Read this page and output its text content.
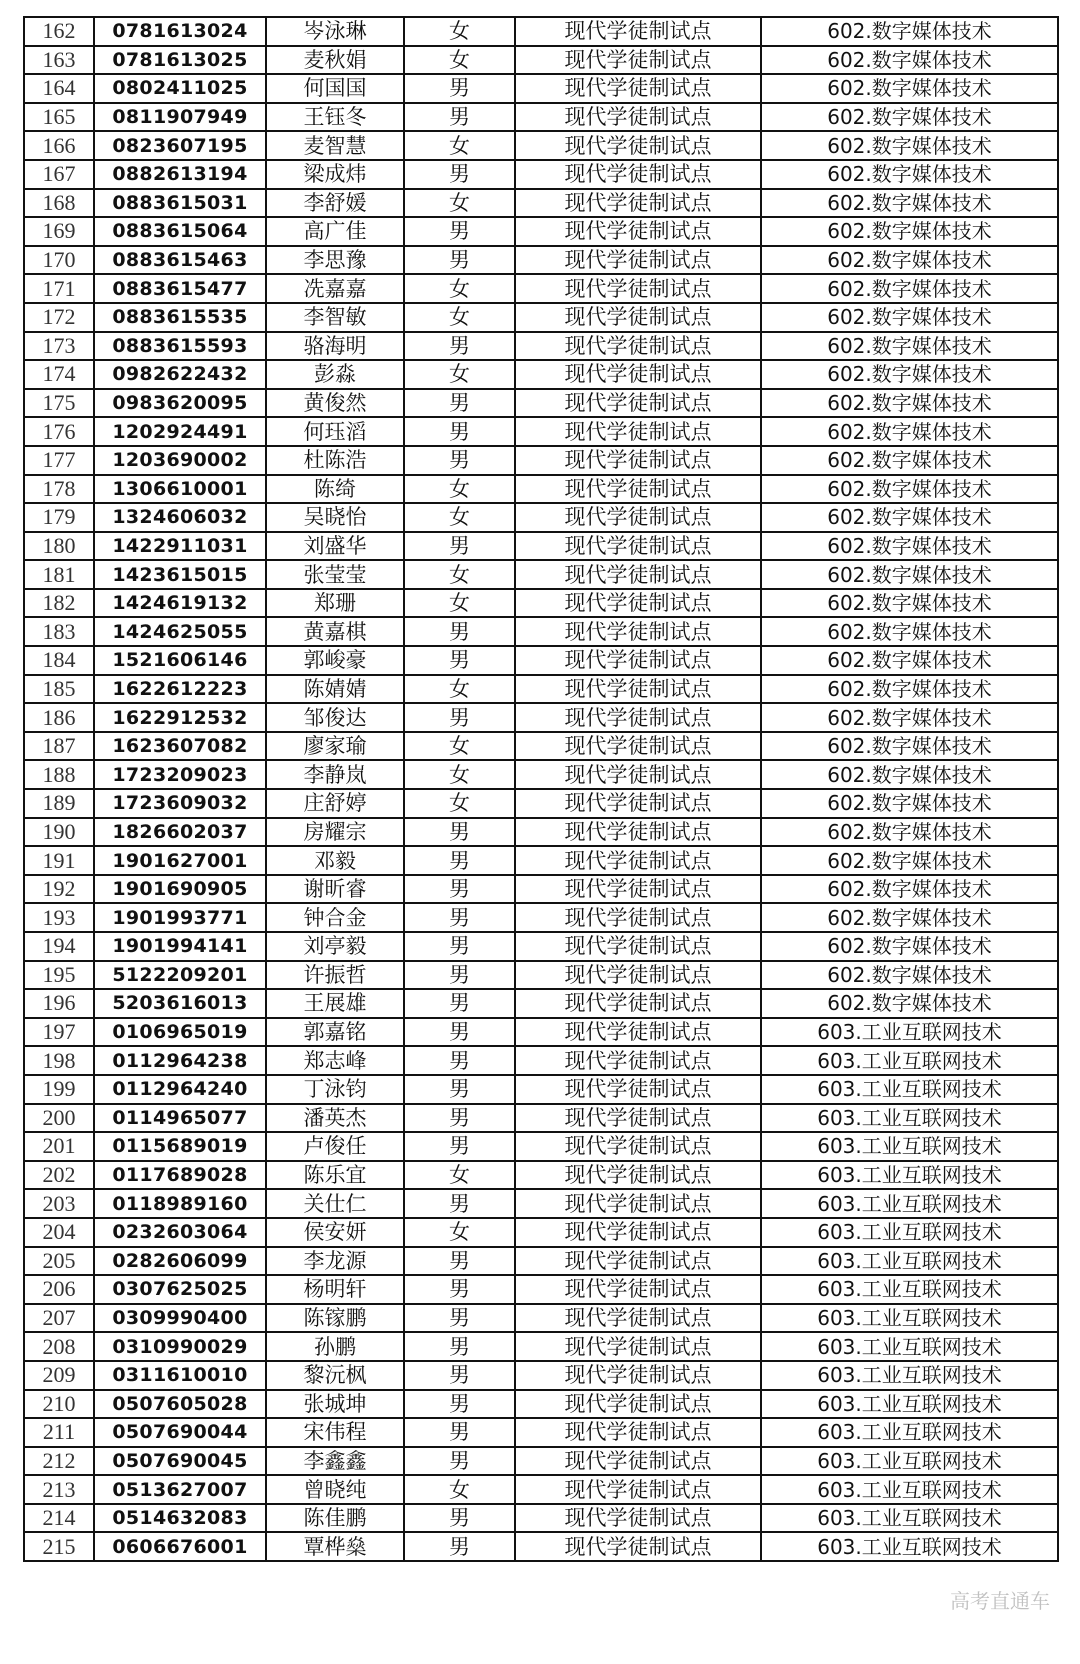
162	0781613024	岑泳琳	女	现代学徒制试点	602.数字媒体技术
163	0781613025	麦秋娟	女	现代学徒制试点	602.数字媒体技术
164	0802411025	何国国	男	现代学徒制试点	602.数字媒体技术
165	0811907949	王钰冬	男	现代学徒制试点	602.数字媒体技术
166	0823607195	麦智慧	女	现代学徒制试点	602.数字媒体技术
167	0882613194	梁成炜	男	现代学徒制试点	602.数字媒体技术
168	0883615031	李舒媛	女	现代学徒制试点	602.数字媒体技术
169	0883615064	高广佳	男	现代学徒制试点	602.数字媒体技术
170	0883615463	李思豫	男	现代学徒制试点	602.数字媒体技术
171	0883615477	冼嘉嘉	女	现代学徒制试点	602.数字媒体技术
172	0883615535	李智敏	女	现代学徒制试点	602.数字媒体技术
173	0883615593	骆海明	男	现代学徒制试点	602.数字媒体技术
174	0982622432	彭淼	女	现代学徒制试点	602.数字媒体技术
175	0983620095	黄俊然	男	现代学徒制试点	602.数字媒体技术
176	1202924491	何珏滔	男	现代学徒制试点	602.数字媒体技术
177	1203690002	杜陈浩	男	现代学徒制试点	602.数字媒体技术
178	1306610001	陈绮	女	现代学徒制试点	602.数字媒体技术
179	1324606032	吴晓怡	女	现代学徒制试点	602.数字媒体技术
180	1422911031	刘盛华	男	现代学徒制试点	602.数字媒体技术
181	1423615015	张莹莹	女	现代学徒制试点	602.数字媒体技术
182	1424619132	郑珊	女	现代学徒制试点	602.数字媒体技术
183	1424625055	黄嘉棋	男	现代学徒制试点	602.数字媒体技术
184	1521606146	郭峻豪	男	现代学徒制试点	602.数字媒体技术
185	1622612223	陈婧婧	女	现代学徒制试点	602.数字媒体技术
186	1622912532	邹俊达	男	现代学徒制试点	602.数字媒体技术
187	1623607082	廖家瑜	女	现代学徒制试点	602.数字媒体技术
188	1723209023	李静岚	女	现代学徒制试点	602.数字媒体技术
189	1723609032	庄舒婷	女	现代学徒制试点	602.数字媒体技术
190	1826602037	房耀宗	男	现代学徒制试点	602.数字媒体技术
191	1901627001	邓毅	男	现代学徒制试点	602.数字媒体技术
192	1901690905	谢昕睿	男	现代学徒制试点	602.数字媒体技术
193	1901993771	钟合金	男	现代学徒制试点	602.数字媒体技术
194	1901994141	刘亭毅	男	现代学徒制试点	602.数字媒体技术
195	5122209201	许振哲	男	现代学徒制试点	602.数字媒体技术
196	5203616013	王展雄	男	现代学徒制试点	602.数字媒体技术
197	0106965019	郭嘉铭	男	现代学徒制试点	603.工业互联网技术
198	0112964238	郑志峰	男	现代学徒制试点	603.工业互联网技术
199	0112964240	丁泳钧	男	现代学徒制试点	603.工业互联网技术
200	0114965077	潘英杰	男	现代学徒制试点	603.工业互联网技术
201	0115689019	卢俊任	男	现代学徒制试点	603.工业互联网技术
202	0117689028	陈乐宜	女	现代学徒制试点	603.工业互联网技术
203	0118989160	关仕仁	男	现代学徒制试点	603.工业互联网技术
204	0232603064	侯安妍	女	现代学徒制试点	603.工业互联网技术
205	0282606099	李龙源	男	现代学徒制试点	603.工业互联网技术
206	0307625025	杨明轩	男	现代学徒制试点	603.工业互联网技术
207	0309990400	陈镓鹏	男	现代学徒制试点	603.工业互联网技术
208	0310990029	孙鹏	男	现代学徒制试点	603.工业互联网技术
209	0311610010	黎沅枫	男	现代学徒制试点	603.工业互联网技术
210	0507605028	张城坤	男	现代学徒制试点	603.工业互联网技术
211	0507690044	宋伟程	男	现代学徒制试点	603.工业互联网技术
212	0507690045	李鑫鑫	男	现代学徒制试点	603.工业互联网技术
213	0513627007	曾晓纯	女	现代学徒制试点	603.工业互联网技术
214	0514632083	陈佳鹏	男	现代学徒制试点	603.工业互联网技术
215	0606676001	覃桦燊	男	现代学徒制试点	603.工业互联网技术
高考直通车
